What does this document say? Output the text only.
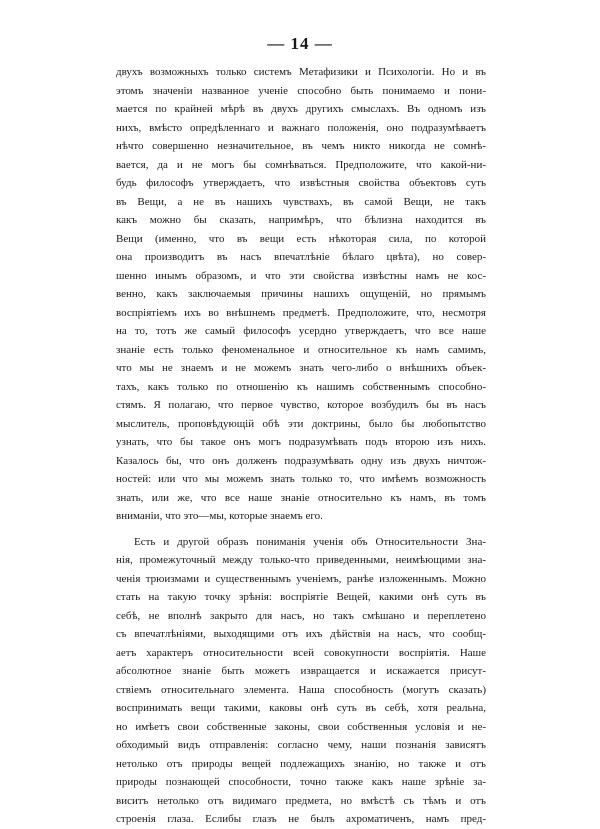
— 14 —
двухъ возможныхъ только системъ Метафизики и Психологіи. Но и въ
этомъ значеніи названное ученіе способно быть понимаемо и пони-
мается по крайней мѣрѣ въ двухъ другихъ смыслахъ. Въ одномъ изъ
нихъ, вмѣсто опредѣленнаго и важнаго положенія, оно подразумѣваетъ
нѣчто совершенно незначительное, въ чемъ никто никогда не сомнѣ-
вается, да и не могъ бы сомнѣваться. Предположите, что какой-ни-
будь философъ утверждаетъ, что извѣстныя свойства объектовъ суть
въ Вещи, а не въ нашихъ чувствахъ, въ самой Вещи, не такъ
какъ можно бы сказать, напримѣръ, что бѣлизна находится въ
Вещи (именно, что въ вещи есть нѣкоторая сила, по которой
она производитъ въ насъ впечатлѣніе бѣлаго цвѣта), но совер-
шенно инымъ образомъ, и что эти свойства извѣстны намъ не кос-
венно, какъ заключаемыя причины нашихъ ощущеній, но прямымъ
воспріятіемъ ихъ во внѣшнемъ предметѣ. Предположите, что, несмотря
на то, тотъ же самый философъ усердно утверждаетъ, что все наше
знаніе есть только феноменальное и относительное къ намъ самимъ,
что мы не знаемъ и не можемъ знать чего-либо о внѣшнихъ объек-
тахъ, какъ только по отношенію къ нашимъ собственнымъ способно-
стямъ. Я полагаю, что первое чувство, которое возбудилъ бы въ насъ
мыслитель, проповѣдующій обѣ эти доктрины, было бы любопытство
узнать, что бы такое онъ могъ подразумѣвать подъ второю изъ нихъ.
Казалось бы, что онъ долженъ подразумѣвать одну изъ двухъ ничтож-
ностей: или что мы можемъ знать только то, что имѣемъ возможность
знать, или же, что все наше знаніе относительно къ намъ, въ томъ
вниманіи, что это—мы, которые знаемъ его.
Есть и другой образъ пониманія ученія объ Относительности Зна-
нія, промежуточный между только-что приведенными, неимѣющими зна-
ченія трюизмами и существеннымъ ученіемъ, ранѣе изложеннымъ. Можно
стать на такую точку зрѣнія: воспріятіе Вещей, какими онѣ суть въ
себѣ, не вполнѣ закрыто для насъ, но такъ смѣшано и переплетено
съ впечатлѣніями, выходящими отъ ихъ дѣйствія на насъ, что сообщ-
аетъ характеръ относительности всей совокупности воспріятія. Наше
абсолютное знаніе быть можетъ извращается и искажается присут-
ствіемъ относительнаго элемента. Наша способность (могутъ сказать)
воспринимать вещи такими, каковы онѣ суть въ себѣ, хотя реальна,
но имѣетъ свои собственные законы, свои собственныя условія и не-
обходимый видъ отправленія: согласно чему, наши познанія зависятъ
нетолько отъ природы вещей подлежащихъ знанію, но также и отъ
природы познающей способности, точно также какъ наше зрѣніе за-
виситъ нетолько отъ видимаго предмета, но вмѣстѣ съ тѣмъ и отъ
строенія глаза. Еслибы глазъ не былъ ахроматиченъ, намъ пред-
